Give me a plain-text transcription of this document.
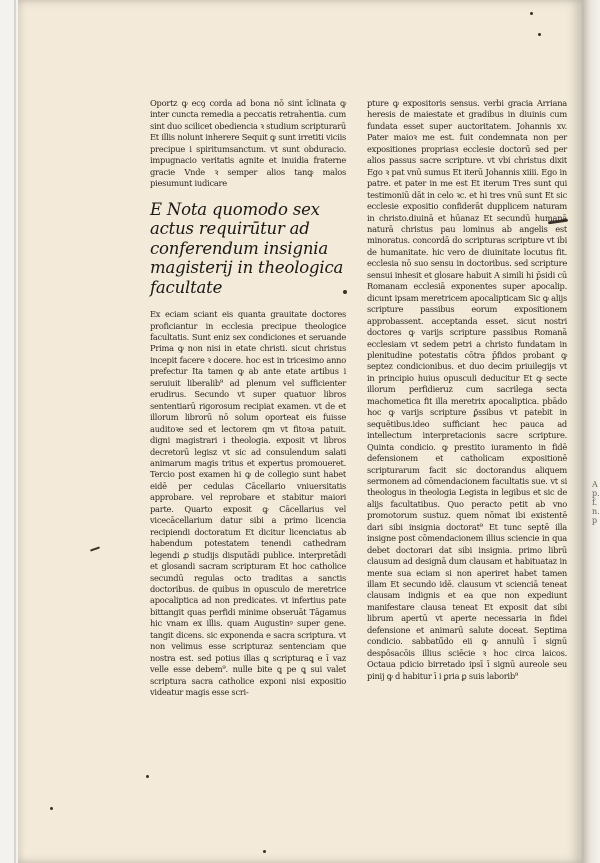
A p. f. n. p

Oportz ꝙ ecꝯ corda ad bona nō sint īclinata ꝙ inter cuncta remedia a peccatis retrahentia. cum sint duo scilicet obediencia ꝛ studium scripturarū Et illis nolunt inherere Sequit ꝙ sunt irretiti viciis precipue i spiritumsanctum. vt sunt obduracio. impugnacio veritatis agnite et inuidia fraterne gracie Vnde ꝛ semper alios tanꝙ malos piesumunt iudicare

E Nota quomodo sex actus requirūtur ad conferendum insignia magisterij in theologica facultate

Ex eciam sciant eis quanta grauitate doctores proficiantur in ecclesia precipue theologice facultatis. Sunt eniz sex condiciones et seruande Prima ꝙ non nisi in etate christi. sicut christus incepit facere ꝛ docere. hoc est in tricesimo anno prefectur Ita tamen ꝙ ab ante etate artibus i seruiuit liberalib⁹ ad plenum vel sufficienter erudirus. Secundo vt super quatuor libros sententiarū rigorosum recipiat examen. vt de et illorum librorū nō solum oporteat eis fuisse auditoꝛe sed et lectorem qm vt fitoꝛa patuit. digni magistrari i theologia. exposit vt libros decretorū legisz vt sic ad consulendum salati animarum magis tritus et expertus promoueret. Tercio post examen hi ꝙ de collegio sunt habet eidē per cedulas Cācellario vniuersitatis approbare. vel reprobare et stabitur maiori parte. Quarto exposit ꝙ Cācellarius vel vicecācellarium datur sibi a primo licencia recipiendi doctoratum Et dicitur licenciatus ab habendum potestatem tenendi cathedram legendi ꝓ studijs disputādi publice. interpretādi et glosandi sacram scripturam Et hoc catholice secundū regulas octo traditas a sanctis doctoribus. de quibus in opusculo de meretrice apocaliptica ad non predicates. vt infertius pate bittangit quas perfidi minime obseruāt Tāgamus hic vnam ex illis. quam Augustinꝰ super gene. tangit dicens. sic exponenda e sacra scriptura. vt non velimus esse scripturaz sentenciam que nostra est. sed potius illas ꝗ scripturaꝗ e ī vaz velle esse debem⁹. nulle bite ꝗ pe ꝗ sui valet scriptura sacra catholice exponi nisi expositio videatur magis esse scri-

pture ꝙ expositoris sensus. verbi gracia Arriana heresis de maiestate et gradibus in diuinis cum fundata esset super auctoritatem. Johannis xv. Pater maioꝛ me est. fuit condemnata non per expositiones propriasꝛ ecclesie doctorū sed per alios passus sacre scripture. vt vbi christus dixit Ego ꝛ pat vnū sumus Et iterū Johannis xiiii. Ego in patre. et pater in me est Et iterum Tres sunt qui testimoniū dāt in celo ꝛc. et hi tres vnū sunt Et sic ecclesie expositio confiderāt dupplicem naturam in christo.diuinā et hūanaz Et secundū humanā naturā christus pau lominus ab angelis est minoratus. concordā do scripturas scripture vt ibi de humanitate. hic vero de diuinitate locutus fit. ecclesia nō suo sensu in doctoribus. sed scripture sensui inhesit et glosare habuit A simili hi p̄sidi cū Romanam ecclesiā exponentes super apocalip. dicunt ipsam meretricem apocalipticam Sic ꝙ alijs scripture passibus eorum expositionem approbassent. acceptanda esset. sicut nostri doctores ꝙ varijs scripture passibus Romanā ecclesiam vt sedem petri a christo fundatam in plenitudine potestatis cōtra p̄fidos probant ꝙ septez condicionibus. et duo decim priuilegijs vt in principio huius opusculi deducitur Et ꝙ secte illorum perfidieruz cum sacrilega secta machometica fit illa meretrix apocaliptica. pbādo hoc ꝙ varijs scripture ꝑ̄ssibus vt patebit in sequētibus.ideo sufficiant hec pauca ad intellectum interpretacionis sacre scripture. Quinta condicio. ꝙ prestito iuramento in fidē defensionem et catholicam expositionē scripturarum facit sic doctorandus aliquem sermonem ad cōmendacionem facultatis sue. vt si theologus in theologia Legista in legibus et sic de alijs facultatibus. Quo peracto petit ab vno promotorum sustuz. quem nōmat ibi existentē dari sibi insignia doctorat⁹ Et tunc septē illa insigne post cōmendacionem illius sciencie in qua debet doctorari dat sibi insignia. primo librū clausum ad designā dum clausam et habituataz in mente sua eciam si non aperiret habet tamen illam Et secundo idē. clausum vt scienciā teneat clausam indignis et ea que non expediunt manifestare clausa teneat Et exposit dat sibi librum apertū vt aperte necessaria in fidei defensione et animarū salute doceat. Septima condicio. sabbatū̄do eii ꝙ annulū ī signū despōsacōis illius sciēcie ꝛ hoc circa laicos. Octaua pdicio birretado ipsī ī signū aureole seu pinij ꝙ d habitur ī i ꝑria ꝑ suis laborib⁹
